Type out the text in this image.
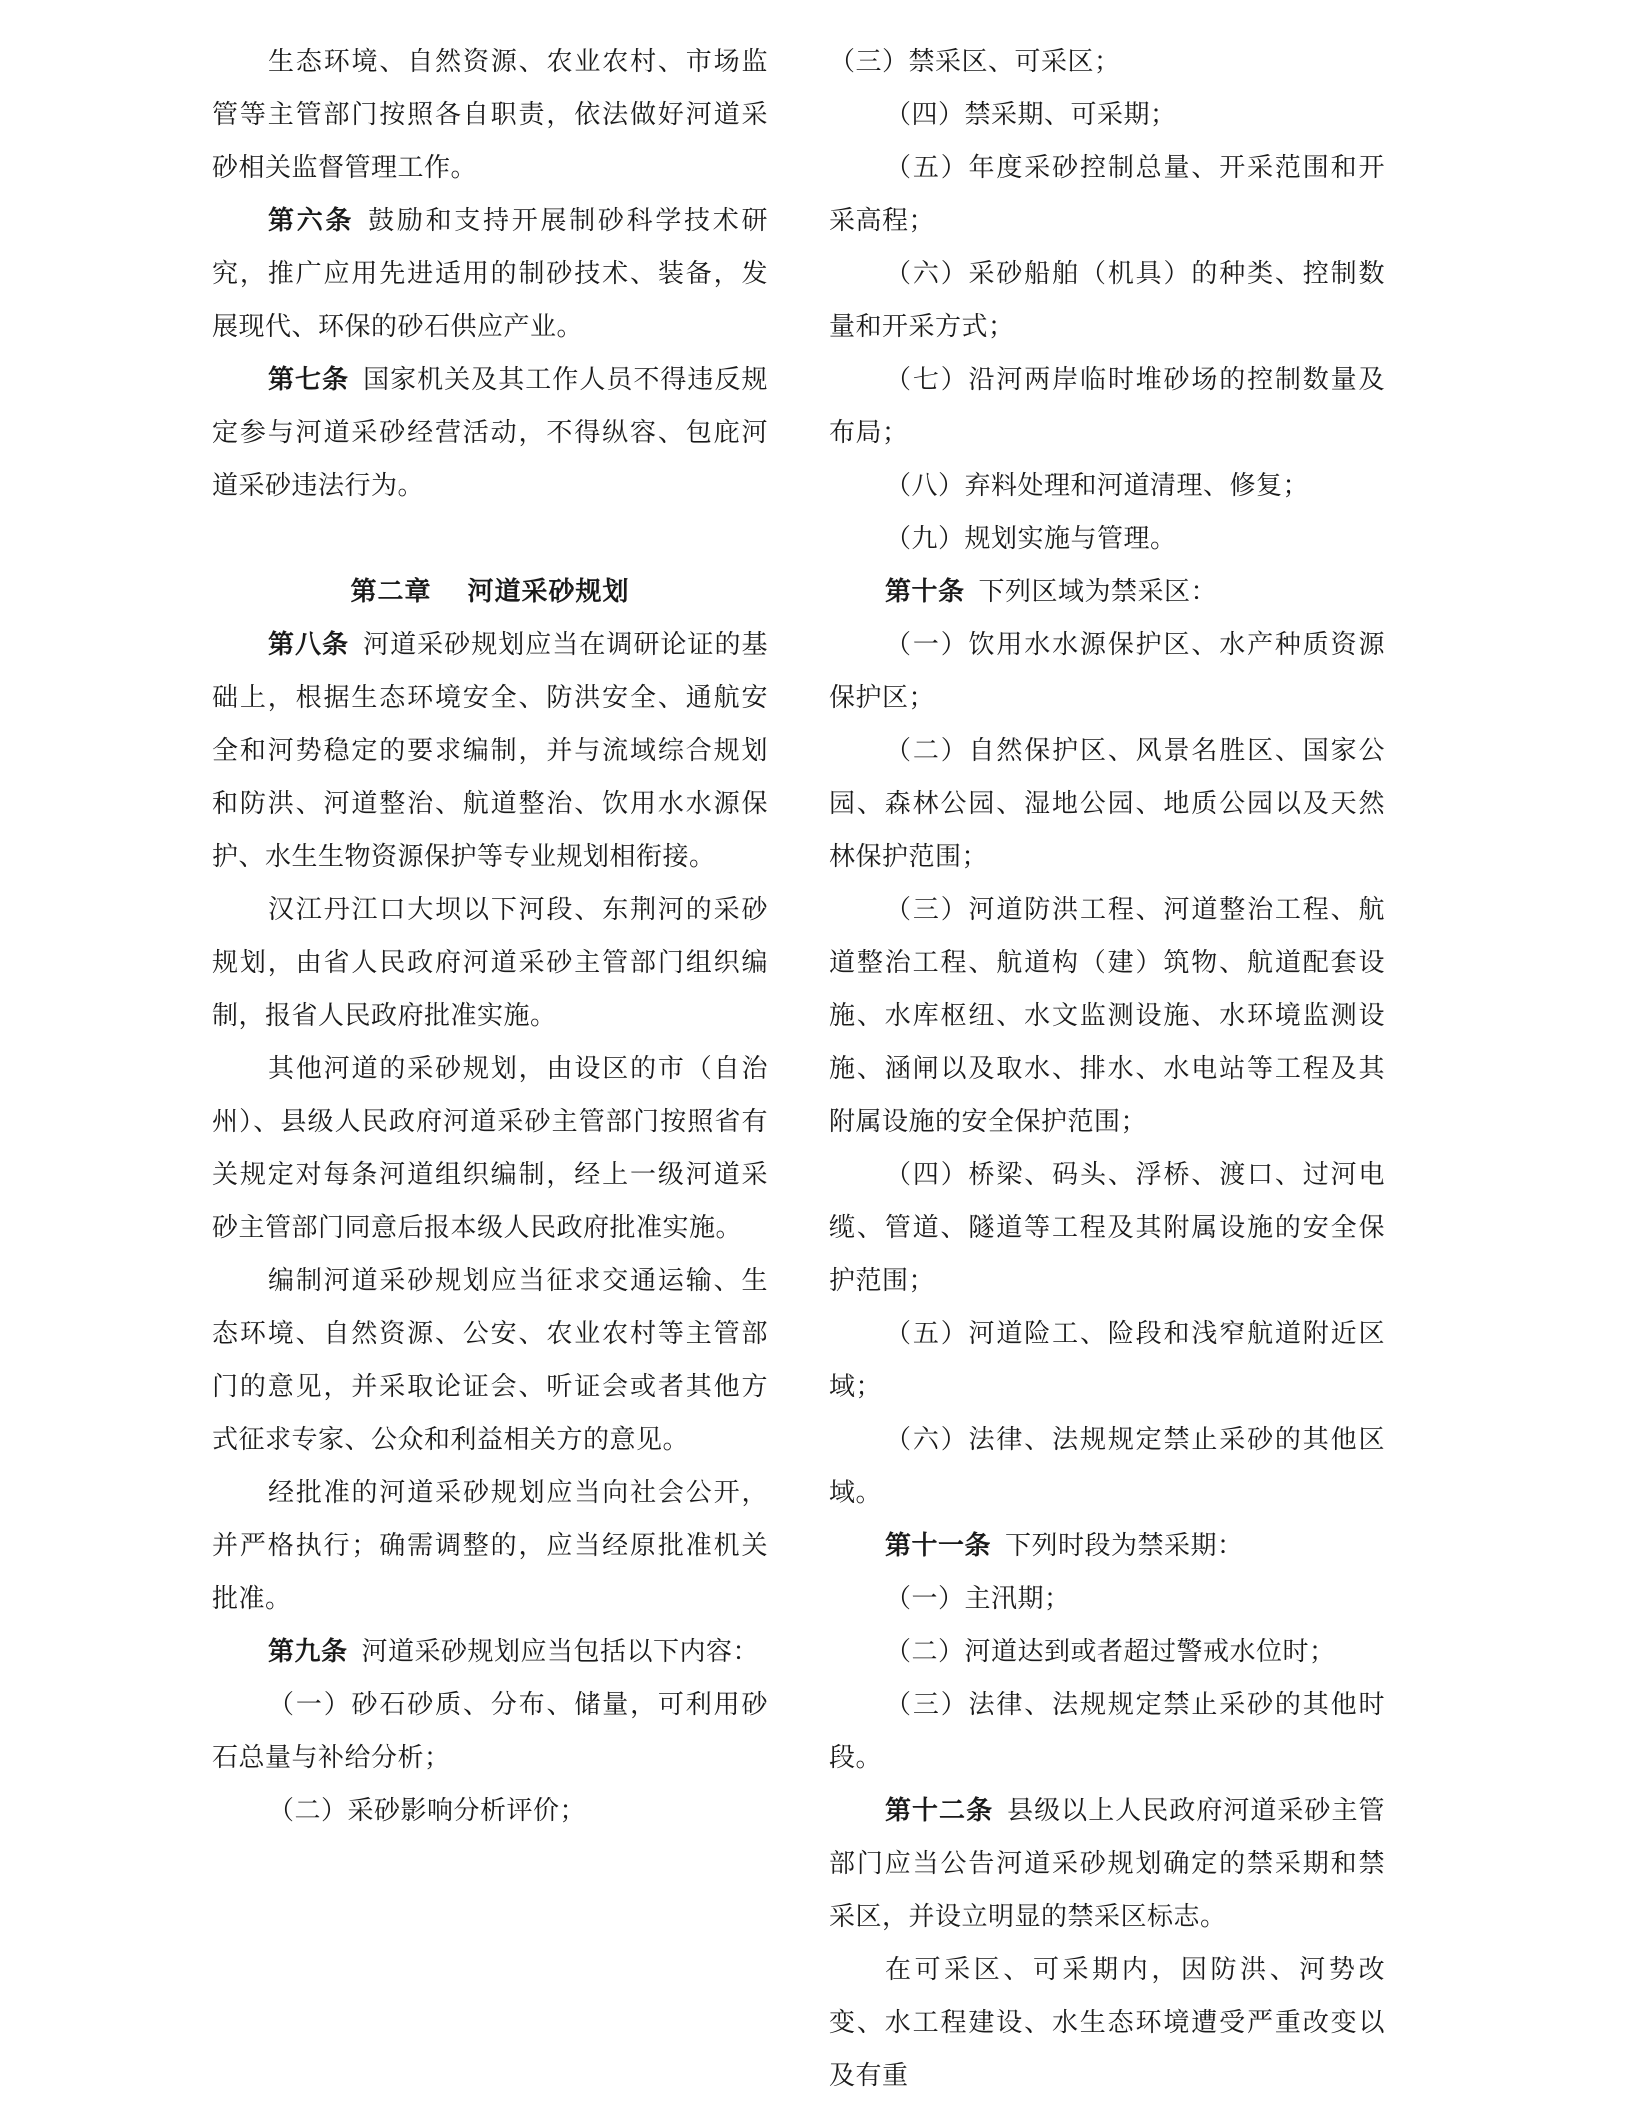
生态环境、自然资源、农业农村、市场监管等主管部门按照各自职责，依法做好河道采砂相关监督管理工作。

第六条 鼓励和支持开展制砂科学技术研究，推广应用先进适用的制砂技术、装备，发展现代、环保的砂石供应产业。

第七条 国家机关及其工作人员不得违反规定参与河道采砂经营活动，不得纵容、包庇河道采砂违法行为。

第二章 河道采砂规划

第八条 河道采砂规划应当在调研论证的基础上，根据生态环境安全、防洪安全、通航安全和河势稳定的要求编制，并与流域综合规划和防洪、河道整治、航道整治、饮用水水源保护、水生生物资源保护等专业规划相衔接。

汉江丹江口大坝以下河段、东荆河的采砂规划，由省人民政府河道采砂主管部门组织编制，报省人民政府批准实施。

其他河道的采砂规划，由设区的市（自治州）、县级人民政府河道采砂主管部门按照省有关规定对每条河道组织编制，经上一级河道采砂主管部门同意后报本级人民政府批准实施。

编制河道采砂规划应当征求交通运输、生态环境、自然资源、公安、农业农村等主管部门的意见，并采取论证会、听证会或者其他方式征求专家、公众和利益相关方的意见。

经批准的河道采砂规划应当向社会公开，并严格执行；确需调整的，应当经原批准机关批准。

第九条 河道采砂规划应当包括以下内容：

（一）砂石砂质、分布、储量，可利用砂石总量与补给分析；

（二）采砂影响分析评价；

（三）禁采区、可采区；

（四）禁采期、可采期；

（五）年度采砂控制总量、开采范围和开采高程；

（六）采砂船舶（机具）的种类、控制数量和开采方式；

（七）沿河两岸临时堆砂场的控制数量及布局；

（八）弃料处理和河道清理、修复；

（九）规划实施与管理。

第十条 下列区域为禁采区：

（一）饮用水水源保护区、水产种质资源保护区；

（二）自然保护区、风景名胜区、国家公园、森林公园、湿地公园、地质公园以及天然林保护范围；

（三）河道防洪工程、河道整治工程、航道整治工程、航道构（建）筑物、航道配套设施、水库枢纽、水文监测设施、水环境监测设施、涵闸以及取水、排水、水电站等工程及其附属设施的安全保护范围；

（四）桥梁、码头、浮桥、渡口、过河电缆、管道、隧道等工程及其附属设施的安全保护范围；

（五）河道险工、险段和浅窄航道附近区域；

（六）法律、法规规定禁止采砂的其他区域。

第十一条 下列时段为禁采期：

（一）主汛期；

（二）河道达到或者超过警戒水位时；

（三）法律、法规规定禁止采砂的其他时段。

第十二条 县级以上人民政府河道采砂主管部门应当公告河道采砂规划确定的禁采期和禁采区，并设立明显的禁采区标志。

在可采区、可采期内，因防洪、河势改变、水工程建设、水生态环境遭受严重改变以及有重
